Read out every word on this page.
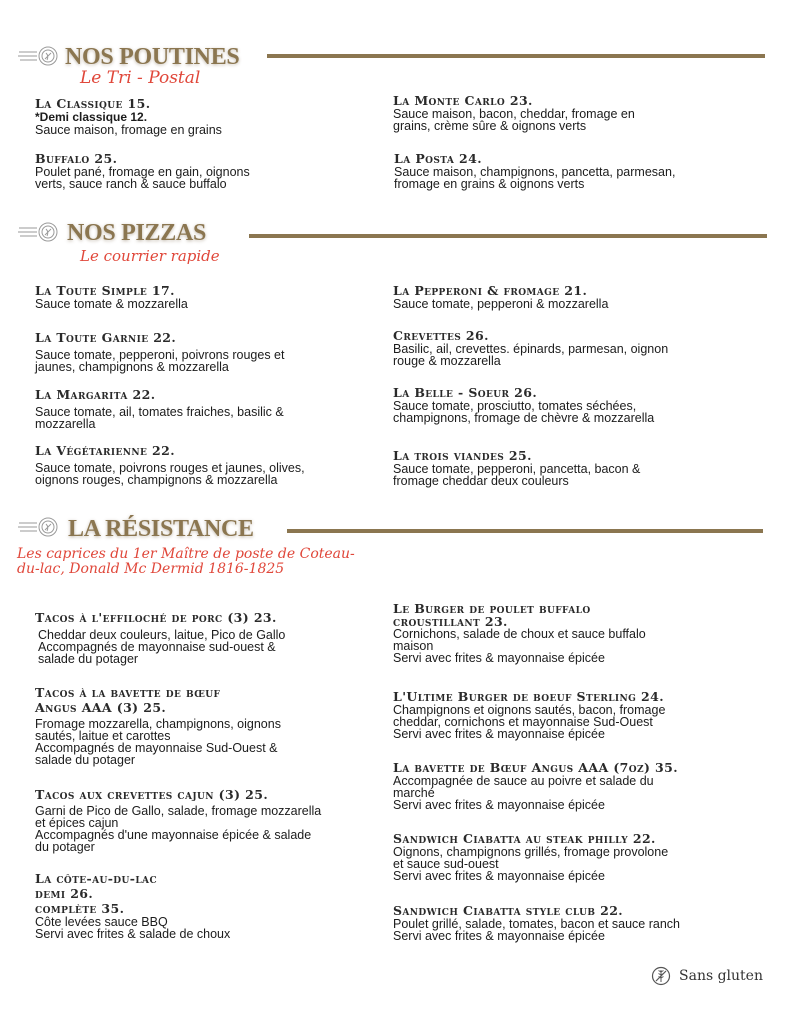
NOS POUTINES
Le Tri - Postal
La Classique 15.
*Demi classique 12.
Sauce maison, fromage en grains
Buffalo 25.
Poulet pané, fromage en gain, oignons
verts, sauce ranch & sauce buffalo
La Monte Carlo 23.
Sauce maison, bacon, cheddar, fromage en
grains, crème sûre & oignons verts
La Posta 24.
Sauce maison, champignons, pancetta, parmesan,
fromage en grains & oignons verts
NOS PIZZAS
Le courrier rapide
La Toute Simple 17.
Sauce tomate & mozzarella
La Toute Garnie 22.
Sauce tomate, pepperoni, poivrons rouges et
jaunes, champignons & mozzarella
La Margarita 22.
Sauce tomate, ail, tomates fraiches, basilic &
mozzarella
La Végétarienne 22.
Sauce tomate, poivrons rouges et jaunes, olives,
oignons rouges, champignons & mozzarella
La Pepperoni & fromage 21.
Sauce tomate, pepperoni & mozzarella
Crevettes 26.
Basilic, ail, crevettes. épinards, parmesan, oignon
rouge & mozzarella
La Belle - Soeur 26.
Sauce tomate, prosciutto, tomates séchées,
champignons, fromage de chèvre & mozzarella
La trois viandes 25.
Sauce tomate, pepperoni, pancetta, bacon &
fromage cheddar deux couleurs
LA RÉSISTANCE
Les caprices du 1er Maître de poste de Coteau-
du-lac, Donald Mc Dermid 1816-1825
Tacos à l'effiloché de porc (3) 23.
Cheddar deux couleurs, laitue, Pico de Gallo
Accompagnés de mayonnaise sud-ouest &
salade du potager
Tacos à la bavette de bœuf
Angus AAA (3) 25.
Fromage mozzarella, champignons, oignons
sautés, laitue et carottes
Accompagnés de mayonnaise Sud-Ouest &
salade du potager
Tacos aux crevettes cajun (3) 25.
Garni de Pico de Gallo, salade, fromage mozzarella
et épices cajun
Accompagnés d'une mayonnaise épicée & salade
du potager
La côte-au-du-lac
demi 26.
complète 35.
Côte levées sauce BBQ
Servi avec frites & salade de choux
Le Burger de poulet buffalo
croustillant 23.
Cornichons, salade de choux et sauce buffalo
maison
Servi avec frites & mayonnaise épicée
L'Ultime Burger de boeuf Sterling 24.
Champignons et oignons sautés, bacon, fromage
cheddar, cornichons et mayonnaise Sud-Ouest
Servi avec frites & mayonnaise épicée
La bavette de Bœuf Angus AAA (7oz) 35.
Accompagnée de sauce au poivre et salade du
marché
Servi avec frites & mayonnaise épicée
Sandwich Ciabatta au steak philly 22.
Oignons, champignons grillés, fromage provolone
et sauce sud-ouest
Servi avec frites & mayonnaise épicée
Sandwich Ciabatta style club 22.
Poulet grillé, salade, tomates, bacon et sauce ranch
Servi avec frites & mayonnaise épicée
Sans gluten
